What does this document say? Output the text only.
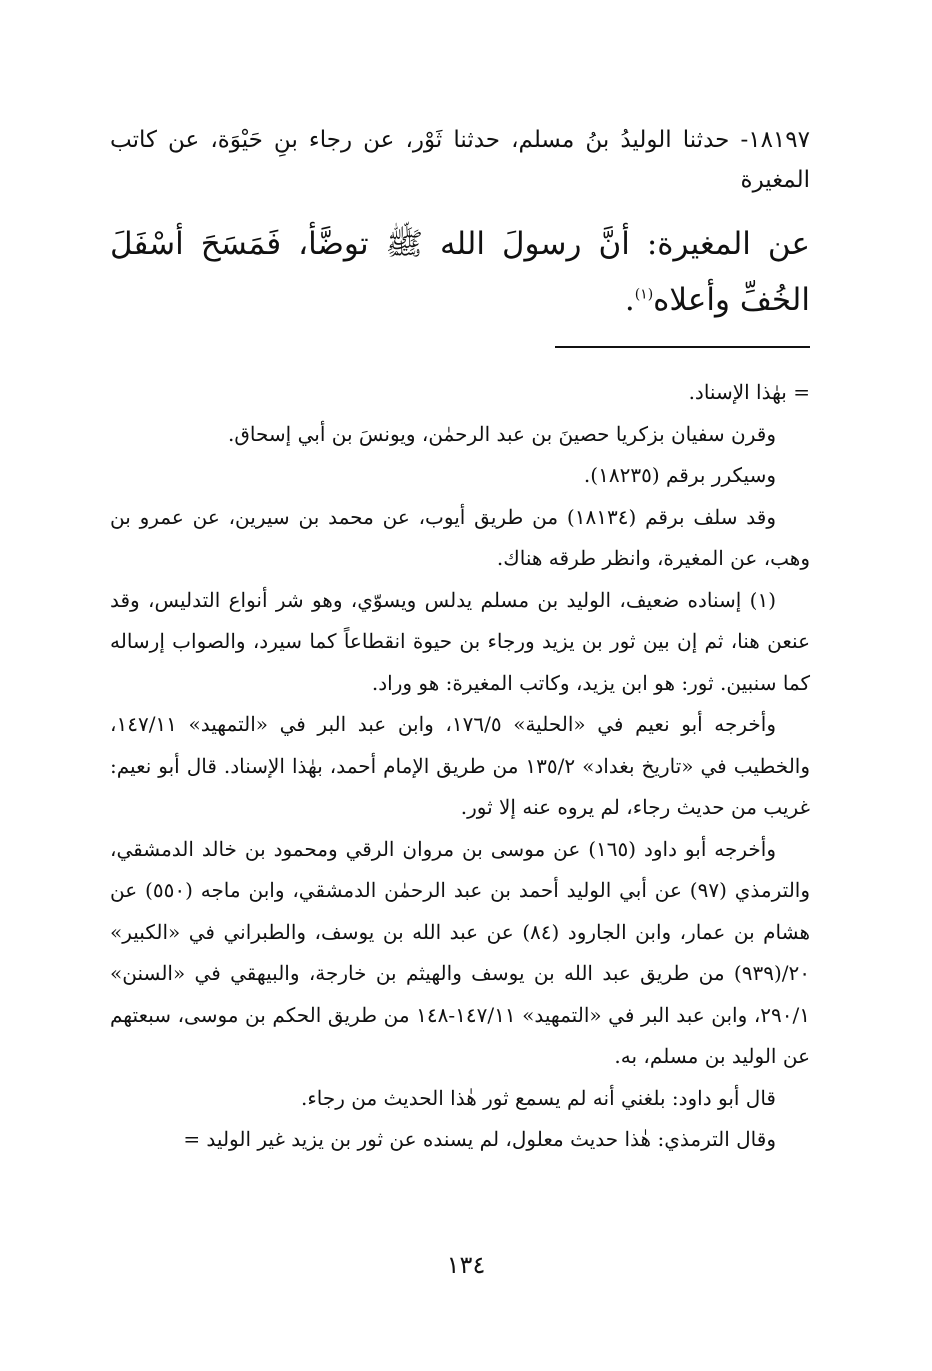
١٨١٩٧- حدثنا الوليدُ بنُ مسلم، حدثنا ثَوْر، عن رجاء بنِ حَيْوَة، عن كاتب المغيرة
عن المغيرة: أنَّ رسولَ الله ﷺ توضَّأ، فَمَسَحَ أسْفَلَ الخُفِّ وأعلاه$^{(١)}$.

= بهٰذا الإسناد.

وقرن سفيان بزكريا حصينَ بن عبد الرحمٰن، ويونسَ بن أبي إسحاق.

وسيكرر برقم (١٨٢٣٥).

وقد سلف برقم (١٨١٣٤) من طريق أيوب، عن محمد بن سيرين، عن عمرو بن وهب، عن المغيرة، وانظر طرقه هناك.

(١) إسناده ضعيف، الوليد بن مسلم يدلس ويسوّي، وهو شر أنواع التدليس، وقد عنعن هنا، ثم إن بين ثور بن يزيد ورجاء بن حيوة انقطاعاً كما سيرد، والصواب إرساله كما سنبين. ثور: هو ابن يزيد، وكاتب المغيرة: هو وراد.

وأخرجه أبو نعيم في «الحلية» ١٧٦/٥، وابن عبد البر في «التمهيد» ١٤٧/١١، والخطيب في «تاريخ بغداد» ١٣٥/٢ من طريق الإمام أحمد، بهٰذا الإسناد. قال أبو نعيم: غريب من حديث رجاء، لم يروه عنه إلا ثور.

وأخرجه أبو داود (١٦٥) عن موسى بن مروان الرقي ومحمود بن خالد الدمشقي، والترمذي (٩٧) عن أبي الوليد أحمد بن عبد الرحمٰن الدمشقي، وابن ماجه (٥٥٠) عن هشام بن عمار، وابن الجارود (٨٤) عن عبد الله بن يوسف، والطبراني في «الكبير» ٢٠/(٩٣٩) من طريق عبد الله بن يوسف والهيثم بن خارجة، والبيهقي في «السنن» ٢٩٠/١، وابن عبد البر في «التمهيد» ١٤٧/١١-١٤٨ من طريق الحكم بن موسى، سبعتهم عن الوليد بن مسلم، به.

قال أبو داود: بلغني أنه لم يسمع ثور هٰذا الحديث من رجاء.

وقال الترمذي: هٰذا حديث معلول، لم يسنده عن ثور بن يزيد غير الوليد =

١٣٤
